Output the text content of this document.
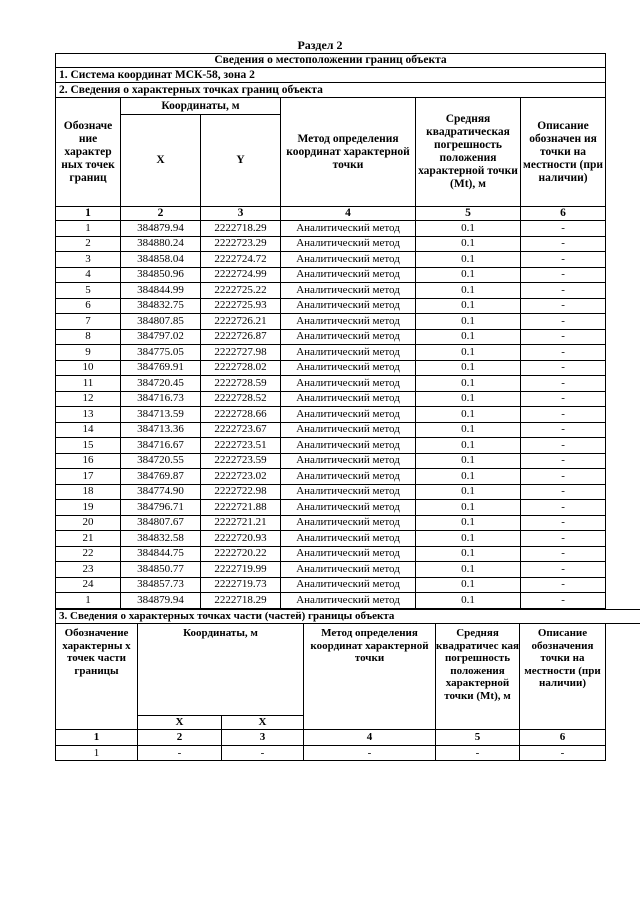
Раздел 2
Сведения о местоположении границ объекта					
1. Система координат МСК-58, зона 2					
2. Сведения о характерных точках границ объекта					
Обозначе ние характер ных точек границ	Координаты, м		Метод определения координат характерной точки	Средняя квадратическая погрешность положения характерной точки (Mt), м	Описание обозначен ия точки на местности (при наличии)
	X	Y			
1	2	3	4	5	6
1	384879.94	2222718.29	Аналитический метод	0.1	-
2	384880.24	2222723.29	Аналитический метод	0.1	-
3	384858.04	2222724.72	Аналитический метод	0.1	-
4	384850.96	2222724.99	Аналитический метод	0.1	-
5	384844.99	2222725.22	Аналитический метод	0.1	-
6	384832.75	2222725.93	Аналитический метод	0.1	-
7	384807.85	2222726.21	Аналитический метод	0.1	-
8	384797.02	2222726.87	Аналитический метод	0.1	-
9	384775.05	2222727.98	Аналитический метод	0.1	-
10	384769.91	2222728.02	Аналитический метод	0.1	-
11	384720.45	2222728.59	Аналитический метод	0.1	-
12	384716.73	2222728.52	Аналитический метод	0.1	-
13	384713.59	2222728.66	Аналитический метод	0.1	-
14	384713.36	2222723.67	Аналитический метод	0.1	-
15	384716.67	2222723.51	Аналитический метод	0.1	-
16	384720.55	2222723.59	Аналитический метод	0.1	-
17	384769.87	2222723.02	Аналитический метод	0.1	-
18	384774.90	2222722.98	Аналитический метод	0.1	-
19	384796.71	2222721.88	Аналитический метод	0.1	-
20	384807.67	2222721.21	Аналитический метод	0.1	-
21	384832.58	2222720.93	Аналитический метод	0.1	-
22	384844.75	2222720.22	Аналитический метод	0.1	-
23	384850.77	2222719.99	Аналитический метод	0.1	-
24	384857.73	2222719.73	Аналитический метод	0.1	-
1	384879.94	2222718.29	Аналитический метод	0.1	-
3. Сведения о характерных точках части (частей) границы объекта						
Обозначение характерны х точек части границы	Координаты, м		Метод определения координат характерной точки	Средняя квадратичес кая погрешность положения характерной точки (Mt), м	Описание обозначения точки на местности (при наличии)	
	X	X				
1	2	3	4	5	6	
1	-	-	-	-	-	
